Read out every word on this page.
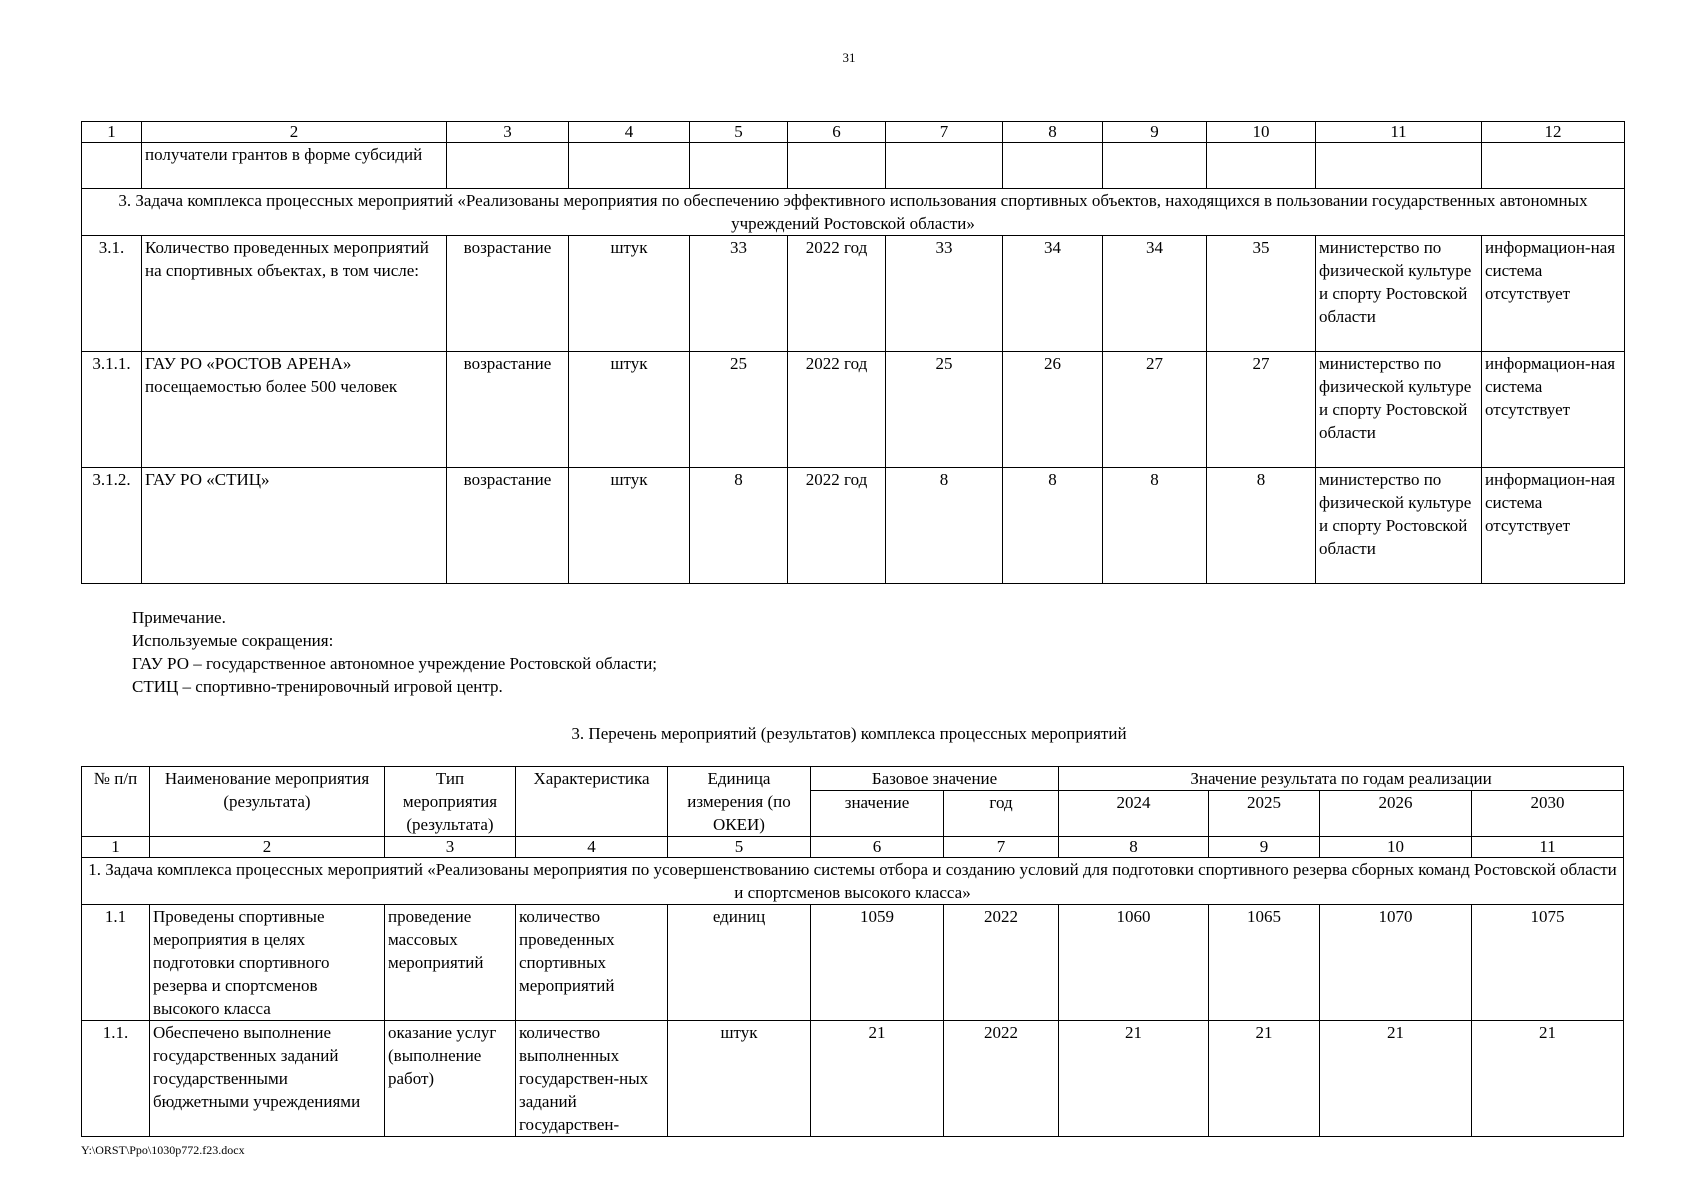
31
1	2	3	4	5	6	7	8	9	10	11	12
	получатели грантов в форме субсидий										
3. Задача комплекса процессных мероприятий «Реализованы мероприятия по обеспечению эффективного использования спортивных объектов, находящихся в пользовании государственных автономных учреждений Ростовской области»											
3.1.	Количество проведенных мероприятий на спортивных объектах, в том числе:	возрастание	штук	33	2022 год	33	34	34	35	министерство по физической культуре и спорту Ростовской области	информацион-ная система отсутствует
3.1.1.	ГАУ РО «РОСТОВ АРЕНА» посещаемостью более 500 человек	возрастание	штук	25	2022 год	25	26	27	27	министерство по физической культуре и спорту Ростовской области	информацион-ная система отсутствует
3.1.2.	ГАУ РО «СТИЦ»	возрастание	штук	8	2022 год	8	8	8	8	министерство по физической культуре и спорту Ростовской области	информацион-ная система отсутствует
Примечание.
Используемые сокращения:
ГАУ РО – государственное автономное учреждение Ростовской области;
СТИЦ – спортивно-тренировочный игровой центр.
3. Перечень мероприятий (результатов) комплекса процессных мероприятий
№ п/п	Наименование мероприятия (результата)	Тип мероприятия (результата)	Характеристика	Единица измерения (по ОКЕИ)	Базовое значение		Значение результата по годам реализации			
					значение	год	2024	2025	2026	2030
1	2	3	4	5	6	7	8	9	10	11
1. Задача комплекса процессных мероприятий «Реализованы мероприятия по усовершенствованию системы отбора и созданию условий для подготовки спортивного резерва сборных команд Ростовской области и спортсменов высокого класса»										
1.1	Проведены спортивные мероприятия в целях подготовки спортивного резерва и спортсменов высокого класса	проведение массовых мероприятий	количество проведенных спортивных мероприятий	единиц	1059	2022	1060	1065	1070	1075
1.1.	Обеспечено выполнение государственных заданий государственными бюджетными учреждениями	оказание услуг (выполнение работ)	количество выполненных государствен-ных заданий государствен-	штук	21	2022	21	21	21	21
Y:\ORST\Ppo\1030p772.f23.docx
